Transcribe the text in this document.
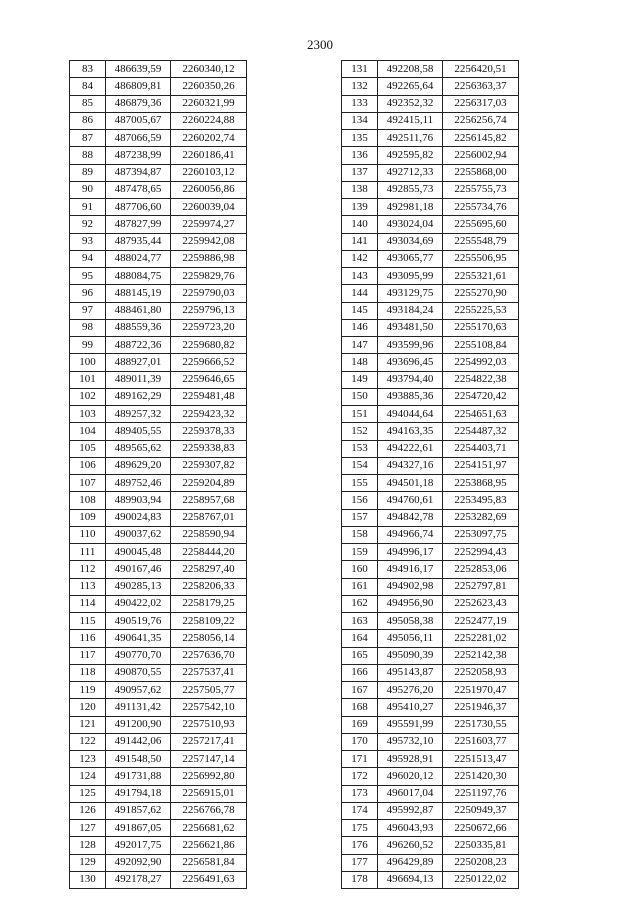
2300
83	486639,59	2260340,12
84	486809,81	2260350,26
85	486879,36	2260321,99
86	487005,67	2260224,88
87	487066,59	2260202,74
88	487238,99	2260186,41
89	487394,87	2260103,12
90	487478,65	2260056,86
91	487706,60	2260039,04
92	487827,99	2259974,27
93	487935,44	2259942,08
94	488024,77	2259886,98
95	488084,75	2259829,76
96	488145,19	2259790,03
97	488461,80	2259796,13
98	488559,36	2259723,20
99	488722,36	2259680,82
100	488927,01	2259666,52
101	489011,39	2259646,65
102	489162,29	2259481,48
103	489257,32	2259423,32
104	489405,55	2259378,33
105	489565,62	2259338,83
106	489629,20	2259307,82
107	489752,46	2259204,89
108	489903,94	2258957,68
109	490024,83	2258767,01
110	490037,62	2258590,94
111	490045,48	2258444,20
112	490167,46	2258297,40
113	490285,13	2258206,33
114	490422,02	2258179,25
115	490519,76	2258109,22
116	490641,35	2258056,14
117	490770,70	2257636,70
118	490870,55	2257537,41
119	490957,62	2257505,77
120	491131,42	2257542,10
121	491200,90	2257510,93
122	491442,06	2257217,41
123	491548,50	2257147,14
124	491731,88	2256992,80
125	491794,18	2256915,01
126	491857,62	2256766,78
127	491867,05	2256681,62
128	492017,75	2256621,86
129	492092,90	2256581,84
130	492178,27	2256491,63
131	492208,58	2256420,51
132	492265,64	2256363,37
133	492352,32	2256317,03
134	492415,11	2256256,74
135	492511,76	2256145,82
136	492595,82	2256002,94
137	492712,33	2255868,00
138	492855,73	2255755,73
139	492981,18	2255734,76
140	493024,04	2255695,60
141	493034,69	2255548,79
142	493065,77	2255506,95
143	493095,99	2255321,61
144	493129,75	2255270,90
145	493184,24	2255225,53
146	493481,50	2255170,63
147	493599,96	2255108,84
148	493696,45	2254992,03
149	493794,40	2254822,38
150	493885,36	2254720,42
151	494044,64	2254651,63
152	494163,35	2254487,32
153	494222,61	2254403,71
154	494327,16	2254151,97
155	494501,18	2253868,95
156	494760,61	2253495,83
157	494842,78	2253282,69
158	494966,74	2253097,75
159	494996,17	2252994,43
160	494916,17	2252853,06
161	494902,98	2252797,81
162	494956,90	2252623,43
163	495058,38	2252477,19
164	495056,11	2252281,02
165	495090,39	2252142,38
166	495143,87	2252058,93
167	495276,20	2251970,47
168	495410,27	2251946,37
169	495591,99	2251730,55
170	495732,10	2251603,77
171	495928,91	2251513,47
172	496020,12	2251420,30
173	496017,04	2251197,76
174	495992,87	2250949,37
175	496043,93	2250672,66
176	496260,52	2250335,81
177	496429,89	2250208,23
178	496694,13	2250122,02
